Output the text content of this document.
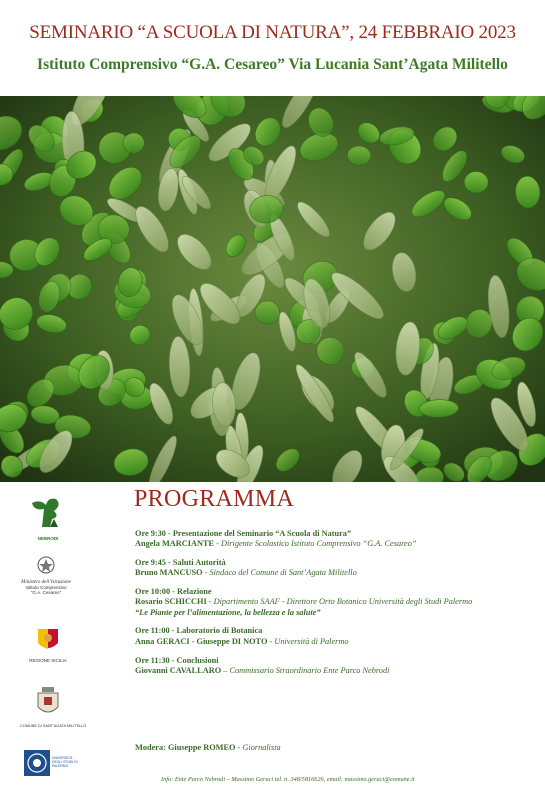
SEMINARIO “A SCUOLA DI NATURA”, 24 FEBBRAIO 2023
Istituto Comprensivo “G.A. Cesareo” Via Lucania Sant’Agata Militello
NEBRODI
Ministero dell’Istruzione
Istituto Comprensivo
“G.A. Cesareo”
REGIONE SICILIA
COMUNE DI SANT’AGATA MILITELLO
UNIVERSITÀ DEGLI STUDI DI PALERMO
PROGRAMMA
Ore 9:30 - Presentazione del Seminario “A Scuola di Natura”
Angela MARCIANTE - Dirigente Scolastico Istituto Comprensivo “G.A. Cesareo”
Ore 9:45 - Saluti Autorità
Bruno MANCUSO - Sindaco del Comune di Sant’Agata Militello
Ore 10:00 - Relazione
Rosario SCHICCHI - Dipartimento SAAF - Direttore Orto Botanico Università degli Studi Palermo
“Le Piante per l’alimentazione, la bellezza e la salute”
Ore 11:00 - Laboratorio di Botanica
Anna GERACI - Giuseppe DI NOTO - Università di Palermo
Ore 11:30 - Conclusioni
Giovanni CAVALLARO – Commissario Straordinario Ente Parco Nebrodi
Modera: Giuseppe ROMEO - Giornalista
Info: Ente Parco Nebrodi – Massimo Geraci tel. n. 348/5816626, email: massimo.geraci@comune.it
